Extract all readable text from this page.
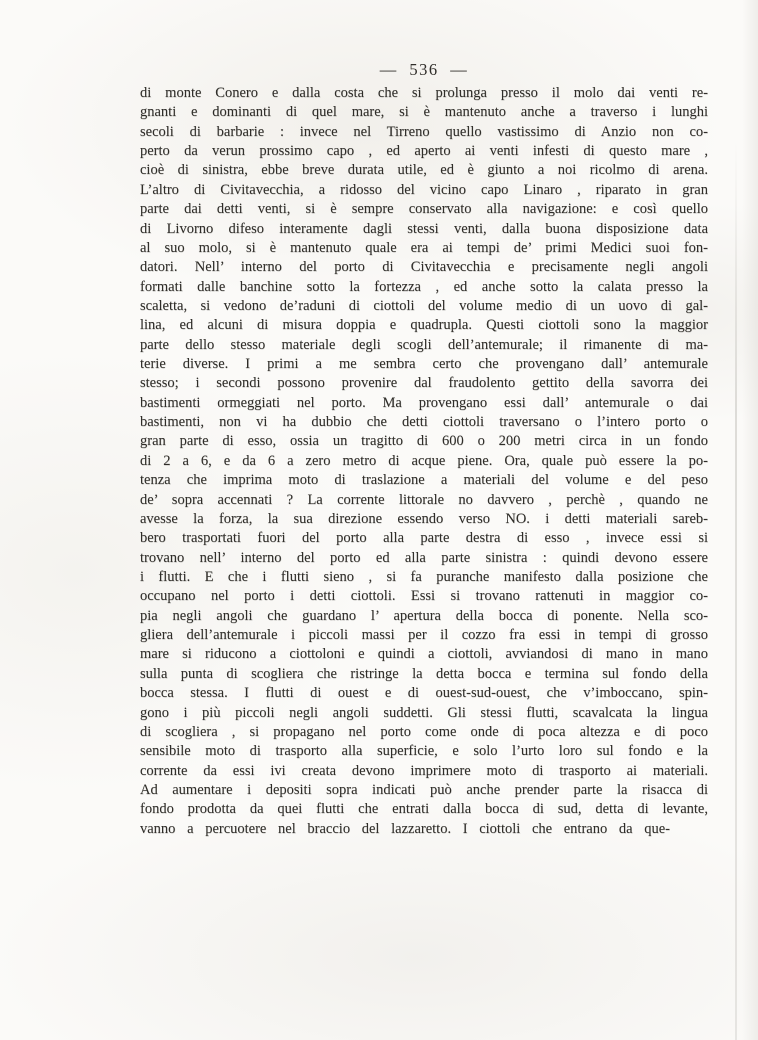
— 536 —
di monte Conero e dalla costa che si prolunga presso il molo dai venti re-
gnanti e dominanti di quel mare, si è mantenuto anche a traverso i lunghi
secoli di barbarie : invece nel Tirreno quello vastissimo di Anzio non co-
perto da verun prossimo capo , ed aperto ai venti infesti di questo mare ,
cioè di sinistra, ebbe breve durata utile, ed è giunto a noi ricolmo di arena.
L’altro di Civitavecchia, a ridosso del vicino capo Linaro , riparato in gran
parte dai detti venti, si è sempre conservato alla navigazione: e così quello
di Livorno difeso interamente dagli stessi venti, dalla buona disposizione data
al suo molo, si è mantenuto quale era ai tempi de’ primi Medici suoi fon-
datori. Nell’ interno del porto di Civitavecchia e precisamente negli angoli
formati dalle banchine sotto la fortezza , ed anche sotto la calata presso la
scaletta, si vedono de’raduni di ciottoli del volume medio di un uovo di gal-
lina, ed alcuni di misura doppia e quadrupla. Questi ciottoli sono la maggior
parte dello stesso materiale degli scogli dell’antemurale; il rimanente di ma-
terie diverse. I primi a me sembra certo che provengano dall’ antemurale
stesso; i secondi possono provenire dal fraudolento gettito della savorra dei
bastimenti ormeggiati nel porto. Ma provengano essi dall’ antemurale o dai
bastimenti, non vi ha dubbio che detti ciottoli traversano o l’intero porto o
gran parte di esso, ossia un tragitto di 600 o 200 metri circa in un fondo
di 2 a 6, e da 6 a zero metro di acque piene. Ora, quale può essere la po-
tenza che imprima moto di traslazione a materiali del volume e del peso
de’ sopra accennati ? La corrente littorale no davvero , perchè , quando ne
avesse la forza, la sua direzione essendo verso NO. i detti materiali sareb-
bero trasportati fuori del porto alla parte destra di esso , invece essi si
trovano nell’ interno del porto ed alla parte sinistra : quindi devono essere
i flutti. E che i flutti sieno , si fa puranche manifesto dalla posizione che
occupano nel porto i detti ciottoli. Essi si trovano rattenuti in maggior co-
pia negli angoli che guardano l’ apertura della bocca di ponente. Nella sco-
gliera dell’antemurale i piccoli massi per il cozzo fra essi in tempi di grosso
mare si riducono a ciottoloni e quindi a ciottoli, avviandosi di mano in mano
sulla punta di scogliera che ristringe la detta bocca e termina sul fondo della
bocca stessa. I flutti di ouest e di ouest-sud-ouest, che v’imboccano, spin-
gono i più piccoli negli angoli suddetti. Gli stessi flutti, scavalcata la lingua
di scogliera , si propagano nel porto come onde di poca altezza e di poco
sensibile moto di trasporto alla superficie, e solo l’urto loro sul fondo e la
corrente da essi ivi creata devono imprimere moto di trasporto ai materiali.
Ad aumentare i depositi sopra indicati può anche prender parte la risacca di
fondo prodotta da quei flutti che entrati dalla bocca di sud, detta di levante,
vanno a percuotere nel braccio del lazzaretto. I ciottoli che entrano da que-
